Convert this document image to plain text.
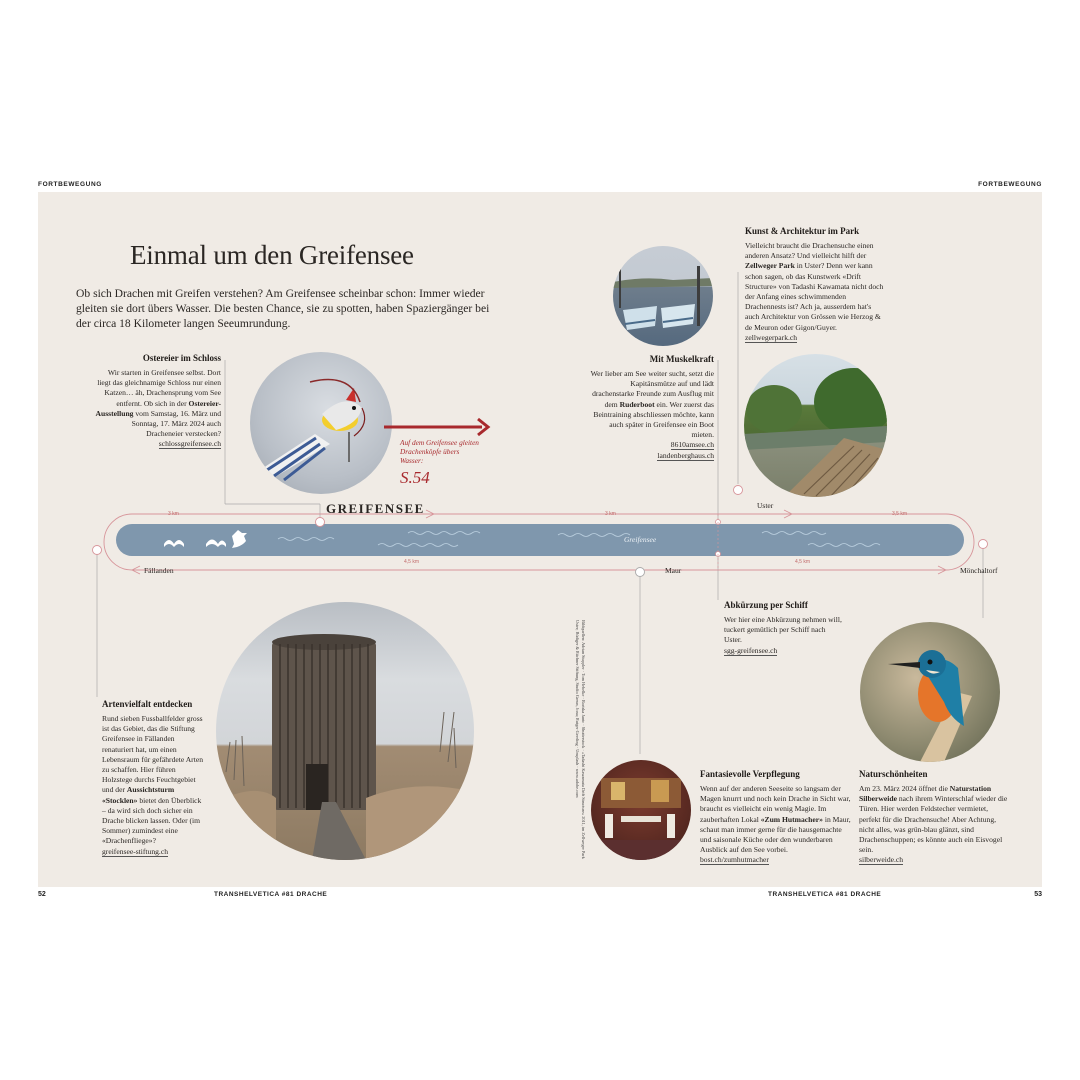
FORTBEWEGUNG	FORTBEWEGUNG
Einmal um den Greifensee
Ob sich Drachen mit Greifen verstehen? Am Greifensee scheinbar schon: Immer wieder gleiten sie dort übers Wasser. Die besten Chance, sie zu spotten, haben Spaziergänger bei der circa 18 Kilometer langen Seeumrundung.
Ostereier im Schloss
Wir starten in Greifensee selbst. Dort liegt das gleichnamige Schloss nur einen Katzen… äh, Drachensprung vom See entfernt. Ob sich in der Ostereier-Ausstellung vom Samstag, 16. März und Sonntag, 17. März 2024 auch Dracheneier verstecken?
schlossgreifensee.ch	Auf dem Greifensee gleiten Drachenköpfe übers Wasser:
S.54
Mit Muskelkraft
Wer lieber am See weiter sucht, setzt die Kapitänsmütze auf und lädt drachenstarke Freunde zum Ausflug mit dem Ruderboot ein. Wer zuerst das Beintraining abschliessen möchte, kann auch später in Greifensee ein Boot mieten.
8610amsee.ch
landenberghaus.ch
Kunst & Architektur im Park
Vielleicht braucht die Drachensuche einen anderen Ansatz? Und vielleicht hilft der Zellweger Park in Uster? Denn wer kann schon sagen, ob das Kunstwerk «Drift Structure» von Tadashi Kawamata nicht doch der Anfang eines schwimmenden Drachennests ist? Ach ja, ausserdem hat's auch Architektur von Grössen wie Herzog & de Meuron oder Gigon/Guyer.
zellwegerpark.ch
GREIFENSEE
Greifensee
3 km	3 km	3,5 km
4,5 km	4,5 km
Fällanden	Maur
Uster
Mönchaltorf
Abkürzung per Schiff
Wer hier eine Abkürzung nehmen will, tuckert gemütlich per Schiff nach Uster.
sgg-greifensee.ch
Artenvielfalt entdecken
Rund sieben Fussballfelder gross ist das Gebiet, das die Stiftung Greifensee in Fällanden renaturiert hat, um einen Lebensraum für gefährdete Arten zu schaffen. Hier führen Holzstege durchs Feuchtgebiet und der Aussichtsturm «Stocklen» bietet den Überblick – da wird sich doch sicher ein Drache blicken lassen. Oder (im Sommer) zumindest eine «Drachenfliege»?
greifensee-stiftung.ch	Bildquellen: Adrian Stuppler · Tom Hebelke · Boriska Jantc · Shutterstock · «Tadashi Kawamata Drift Structure» 2011, im Zellweger Park Uster; Rüdiger & Rüchner Stiftung, Studio Greun, Jona; Rutger Geerling · Unsplash · www.adobe.com	Fantasievolle Verpflegung
Wenn auf der anderen Seeseite so langsam der Magen knurrt und noch kein Drache in Sicht war, braucht es vielleicht ein wenig Magie. Im zauberhaften Lokal «Zum Hutmacher» in Maur, schaut man immer gerne für die hausgemachte und saisonale Küche oder den wunderbaren Ausblick auf den See vorbei. bost.ch/zumhutmacher
Naturschönheiten
Am 23. März 2024 öffnet die Naturstation Silberweide nach ihrem Winterschlaf wieder die Türen. Hier werden Feldstecher vermietet, perfekt für die Drachensuche! Aber Achtung, nicht alles, was grün-blau glänzt, sind Drachenschuppen; es könnte auch ein Eisvogel sein.
silberweide.ch
52	TRANSHELVETICA #81 DRACHE	TRANSHELVETICA #81 DRACHE	53
